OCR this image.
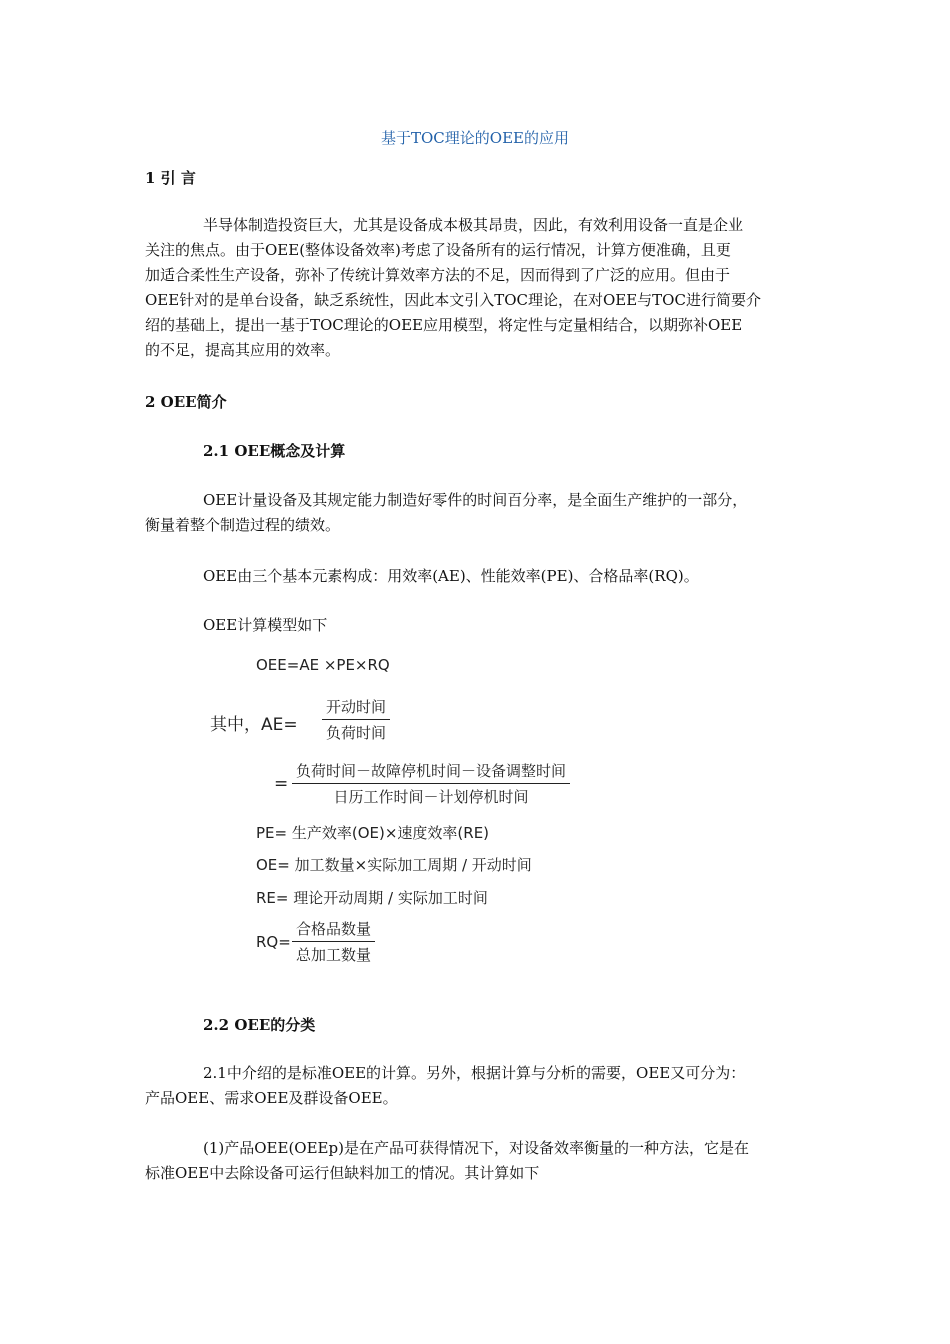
基于TOC理论的OEE的应用
1 引 言
半导体制造投资巨大，尤其是设备成本极其昂贵，因此，有效利用设备一直是企业
关注的焦点。由于OEE(整体设备效率)考虑了设备所有的运行情况，计算方便准确，且更
加适合柔性生产设备，弥补了传统计算效率方法的不足，因而得到了广泛的应用。但由于
OEE针对的是单台设备，缺乏系统性，因此本文引入TOC理论，在对OEE与TOC进行简要介
绍的基础上，提出一基于TOC理论的OEE应用模型，将定性与定量相结合，以期弥补OEE
的不足，提高其应用的效率。
2 OEE简介
2.1 OEE概念及计算
OEE计量设备及其规定能力制造好零件的时间百分率，是全面生产维护的一部分，
衡量着整个制造过程的绩效。
OEE由三个基本元素构成：用效率(AE)、性能效率(PE)、合格品率(RQ)。
OEE计算模型如下
OEE=AE ×PE×RQ
其中，AE=
开动时间
负荷时间
=
负荷时间－故障停机时间－设备调整时间
日历工作时间－计划停机时间
PE= 生产效率(OE)×速度效率(RE)
OE= 加工数量×实际加工周期 / 开动时间
RE= 理论开动周期 / 实际加工时间
RQ=
合格品数量
总加工数量
2.2 OEE的分类
2.1中介绍的是标准OEE的计算。另外，根据计算与分析的需要，OEE又可分为：
产品OEE、需求OEE及群设备OEE。
(1)产品OEE(OEEp)是在产品可获得情况下，对设备效率衡量的一种方法，它是在
标准OEE中去除设备可运行但缺料加工的情况。其计算如下
